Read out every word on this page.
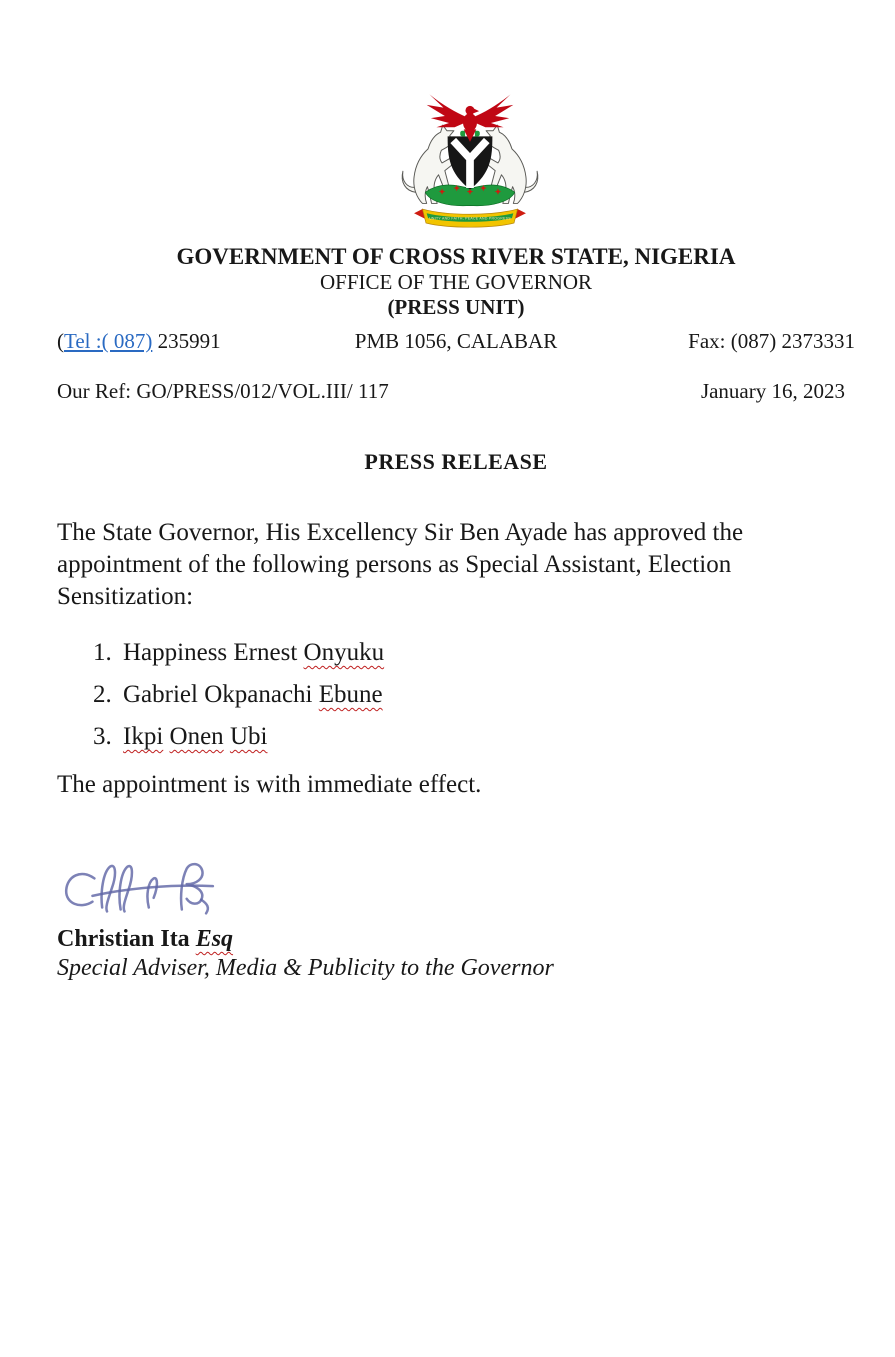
UNITY AND FAITH, PEACE AND PROGRESS
GOVERNMENT OF CROSS RIVER STATE, NIGERIA
OFFICE OF THE GOVERNOR
(PRESS UNIT)
(Tel :( 087) 235991	PMB 1056, CALABAR	Fax: (087) 2373331
Our Ref: GO/PRESS/012/VOL.III/ 117	January 16, 2023
PRESS RELEASE

The State Governor, His Excellency Sir Ben Ayade has approved the appointment of the following persons as Special Assistant, Election Sensitization:

1. Happiness Ernest Onyuku
2. Gabriel Okpanachi Ebune
3. Ikpi Onen Ubi

The appointment is with immediate effect.

Christian Ita Esq
Special Adviser, Media & Publicity to the Governor
